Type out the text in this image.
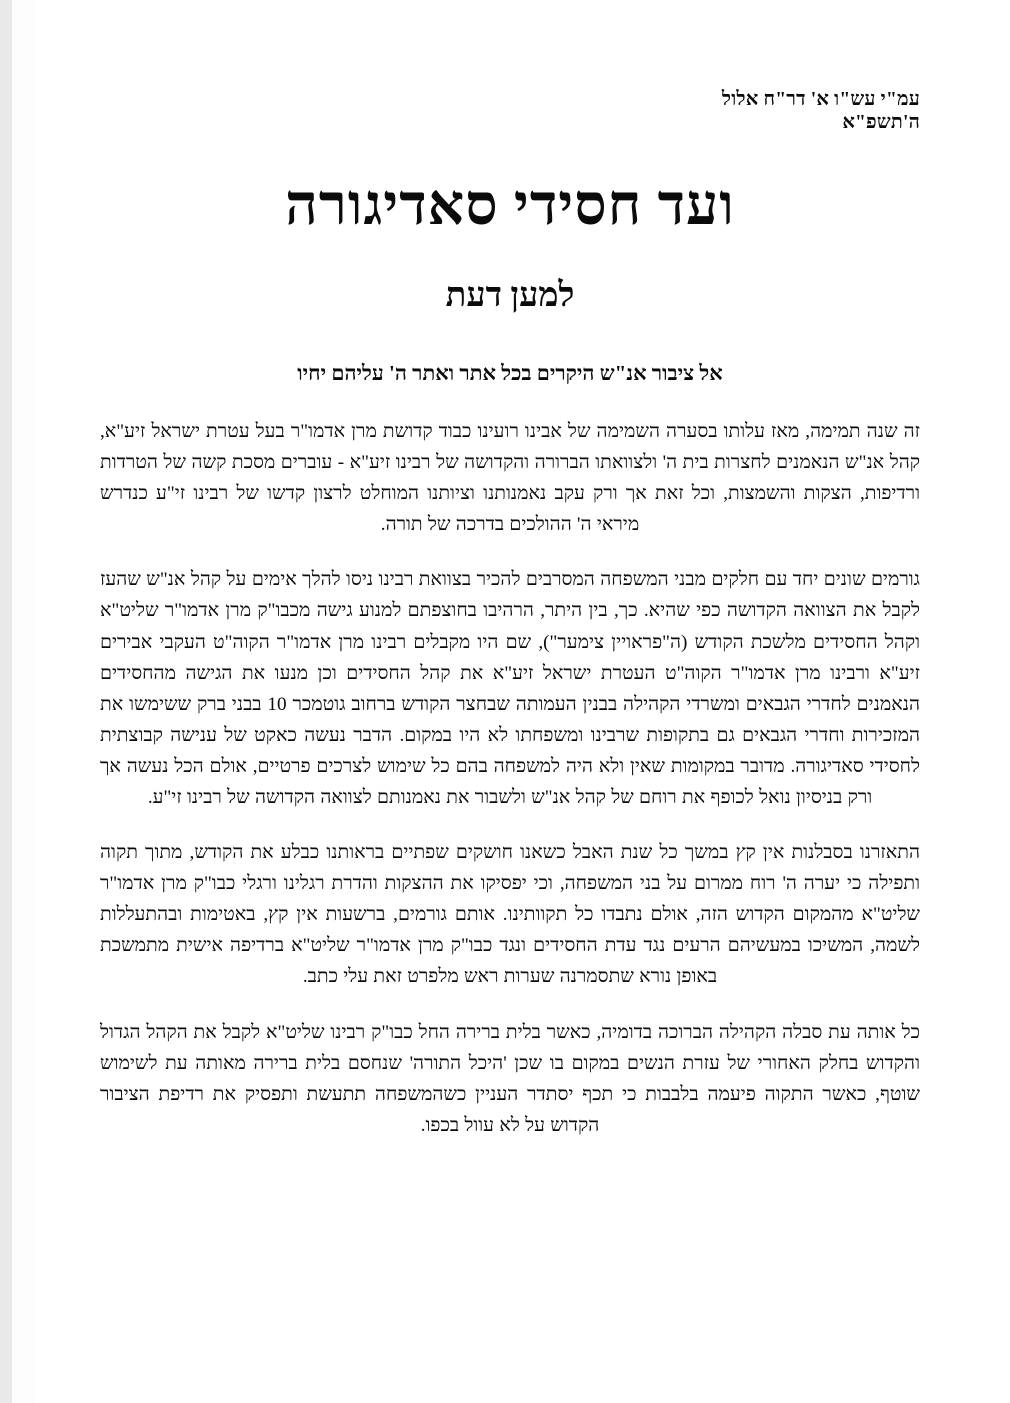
עמ"י עש"ו א' דר"ח אלול ה'תשפ"א
ועד חסידי סאדיגורה
למען דעת
אל ציבור אנ"ש היקרים בכל אתר ואתר ה' עליהם יחיו

זה שנה תמימה, מאז עלותו בסערה השמימה של אבינו רועינו כבוד קדושת מרן אדמו"ר בעל עטרת ישראל זיע"א, קהל אנ"ש הנאמנים לחצרות בית ה' ולצוואתו הברורה והקדושה של רבינו זיע"א - עוברים מסכת קשה של הטרדות ורדיפות, הצקות והשמצות, וכל זאת אך ורק עקב נאמנותנו וציותנו המוחלט לרצון קדשו של רבינו זי"ע כנדרש מיראי ה' ההולכים בדרכה של תורה.

גורמים שונים יחד עם חלקים מבני המשפחה המסרבים להכיר בצוואת רבינו ניסו להלך אימים על קהל אנ"ש שהעז לקבל את הצוואה הקדושה כפי שהיא. כך, בין היתר, הרהיבו בחוצפתם למנוע גישה מכבו"ק מרן אדמו"ר שליט"א וקהל החסידים מלשכת הקודש (ה"פראויין צימער"), שם היו מקבלים רבינו מרן אדמו"ר הקוה"ט העקבי אבירים זיע"א ורבינו מרן אדמו"ר הקוה"ט העטרת ישראל זיע"א את קהל החסידים וכן מנעו את הגישה מהחסידים הנאמנים לחדרי הגבאים ומשרדי הקהילה בבנין העמותה שבחצר הקודש ברחוב גוטמכר 10 בבני ברק ששימשו את המזכירות וחדרי הגבאים גם בתקופות שרבינו ומשפחתו לא היו במקום. הדבר נעשה כאקט של ענישה קבוצתית לחסידי סאדיגורה. מדובר במקומות שאין ולא היה למשפחה בהם כל שימוש לצרכים פרטיים, אולם הכל נעשה אך ורק בניסיון נואל לכופף את רוחם של קהל אנ"ש ולשבור את נאמנותם לצוואה הקדושה של רבינו זי"ע.

התאזרנו בסבלנות אין קץ במשך כל שנת האבל כשאנו חושקים שפתיים בראותנו כבלע את הקודש, מתוך תקוה ותפילה כי יערה ה' רוח ממרום על בני המשפחה, וכי יפסיקו את ההצקות והדרת רגלינו ורגלי כבו"ק מרן אדמו"ר שליט"א מהמקום הקדוש הזה, אולם נתבדו כל תקוותינו. אותם גורמים, ברשעות אין קץ, באטימות ובהתעללות לשמה, המשיכו במעשיהם הרעים נגד עדת החסידים ונגד כבו"ק מרן אדמו"ר שליט"א ברדיפה אישית מתמשכת באופן נורא שתסמרנה שערות ראש מלפרט זאת עלי כתב.

כל אותה עת סבלה הקהילה הברוכה בדומיה, כאשר בלית ברירה החל כבו"ק רבינו שליט"א לקבל את הקהל הגדול והקדוש בחלק האחורי של עזרת הנשים במקום בו שכן 'היכל התורה' שנחסם בלית ברירה מאותה עת לשימוש שוטף, כאשר התקוה פיעמה בלבבות כי תכף יסתדר העניין כשהמשפחה תתעשת ותפסיק את רדיפת הציבור הקדוש על לא עוול בכפו.
